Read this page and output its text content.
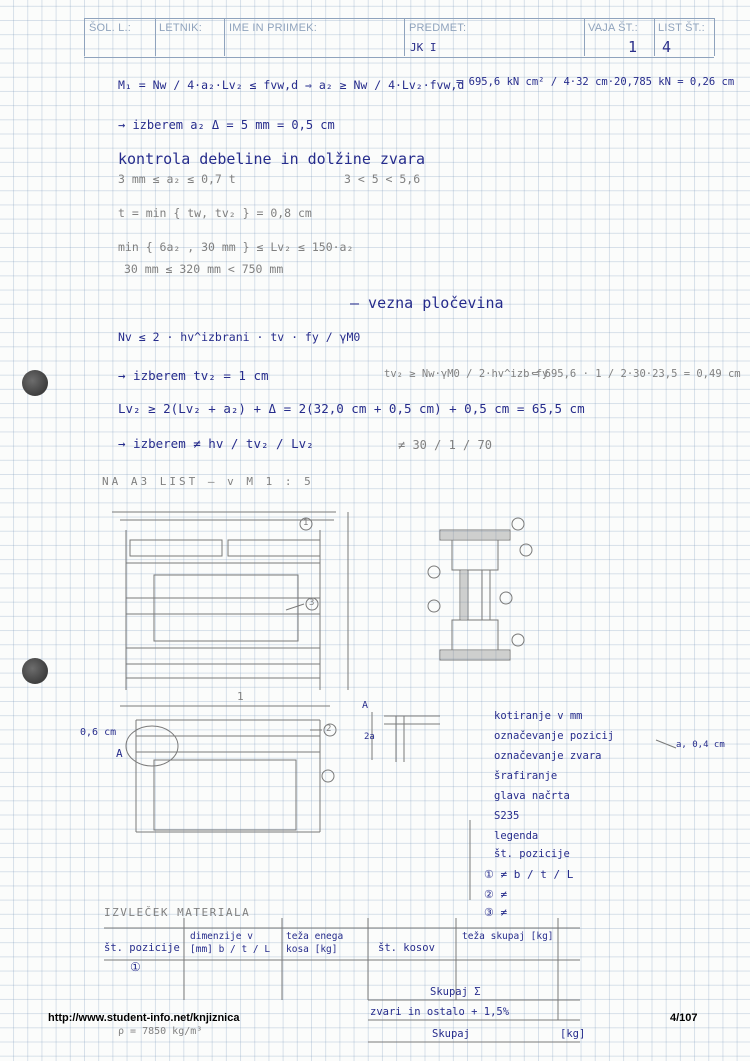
ŠOL. L.:	LETNIK: IME IN PRIIMEK:	PREDMET:	VAJA ŠT.: LIST ŠT.:
JK I	1 4
M₁ = Nw / 4·a₂·Lv₂ ≤ fvw,d ⇒ a₂ ≥ Nw / 4·Lv₂·fvw,d
= 695,6 kN cm² / 4·32 cm·20,785 kN = 0,26 cm
→ izberem a₂ Δ = 5 mm = 0,5 cm
kontrola debeline in dolžine zvara
3 mm ≤ a₂ ≤ 0,7 t	3 < 5 < 5,6
t = min { tw, tv₂ } = 0,8 cm
min { 6a₂ , 30 mm } ≤ Lv₂ ≤ 150·a₂
30 mm ≤ 320 mm < 750 mm
– vezna pločevina
Nv ≤ 2 · hv^izbrani · tv · fy / γM0
→ izberem tv₂ = 1 cm	tv₂ ≥ Nw·γM0 / 2·hv^izb·fy
= 695,6 · 1 / 2·30·23,5 = 0,49 cm
Lv₂ ≥ 2(Lv₂ + a₂) + Δ = 2(32,0 cm + 0,5 cm) + 0,5 cm = 65,5 cm
→ izberem ≠ hv / tv₂ / Lv₂	≠ 30 / 1 / 70
NA A3 LIST – v M 1 : 5
1
0,6 cm
A
A
2a
1
2
3
kotiranje v mm
označevanje pozicij
označevanje zvara
šrafiranje
glava načrta
S235
legenda
št. pozicije
① ≠ b / t / L
② ≠
③ ≠
a, 0,4 cm
IZVLEČEK MATERIALA
št. pozicije
dimenzije v [mm] b / t / L
teža enega kosa [kg]	št. kosov
teža skupaj [kg]
①
Skupaj Σ
zvari in ostalo + 1,5%
Skupaj	[kg]
ρ = 7850 kg/m³
http://www.student-info.net/knjiznica	4/107
